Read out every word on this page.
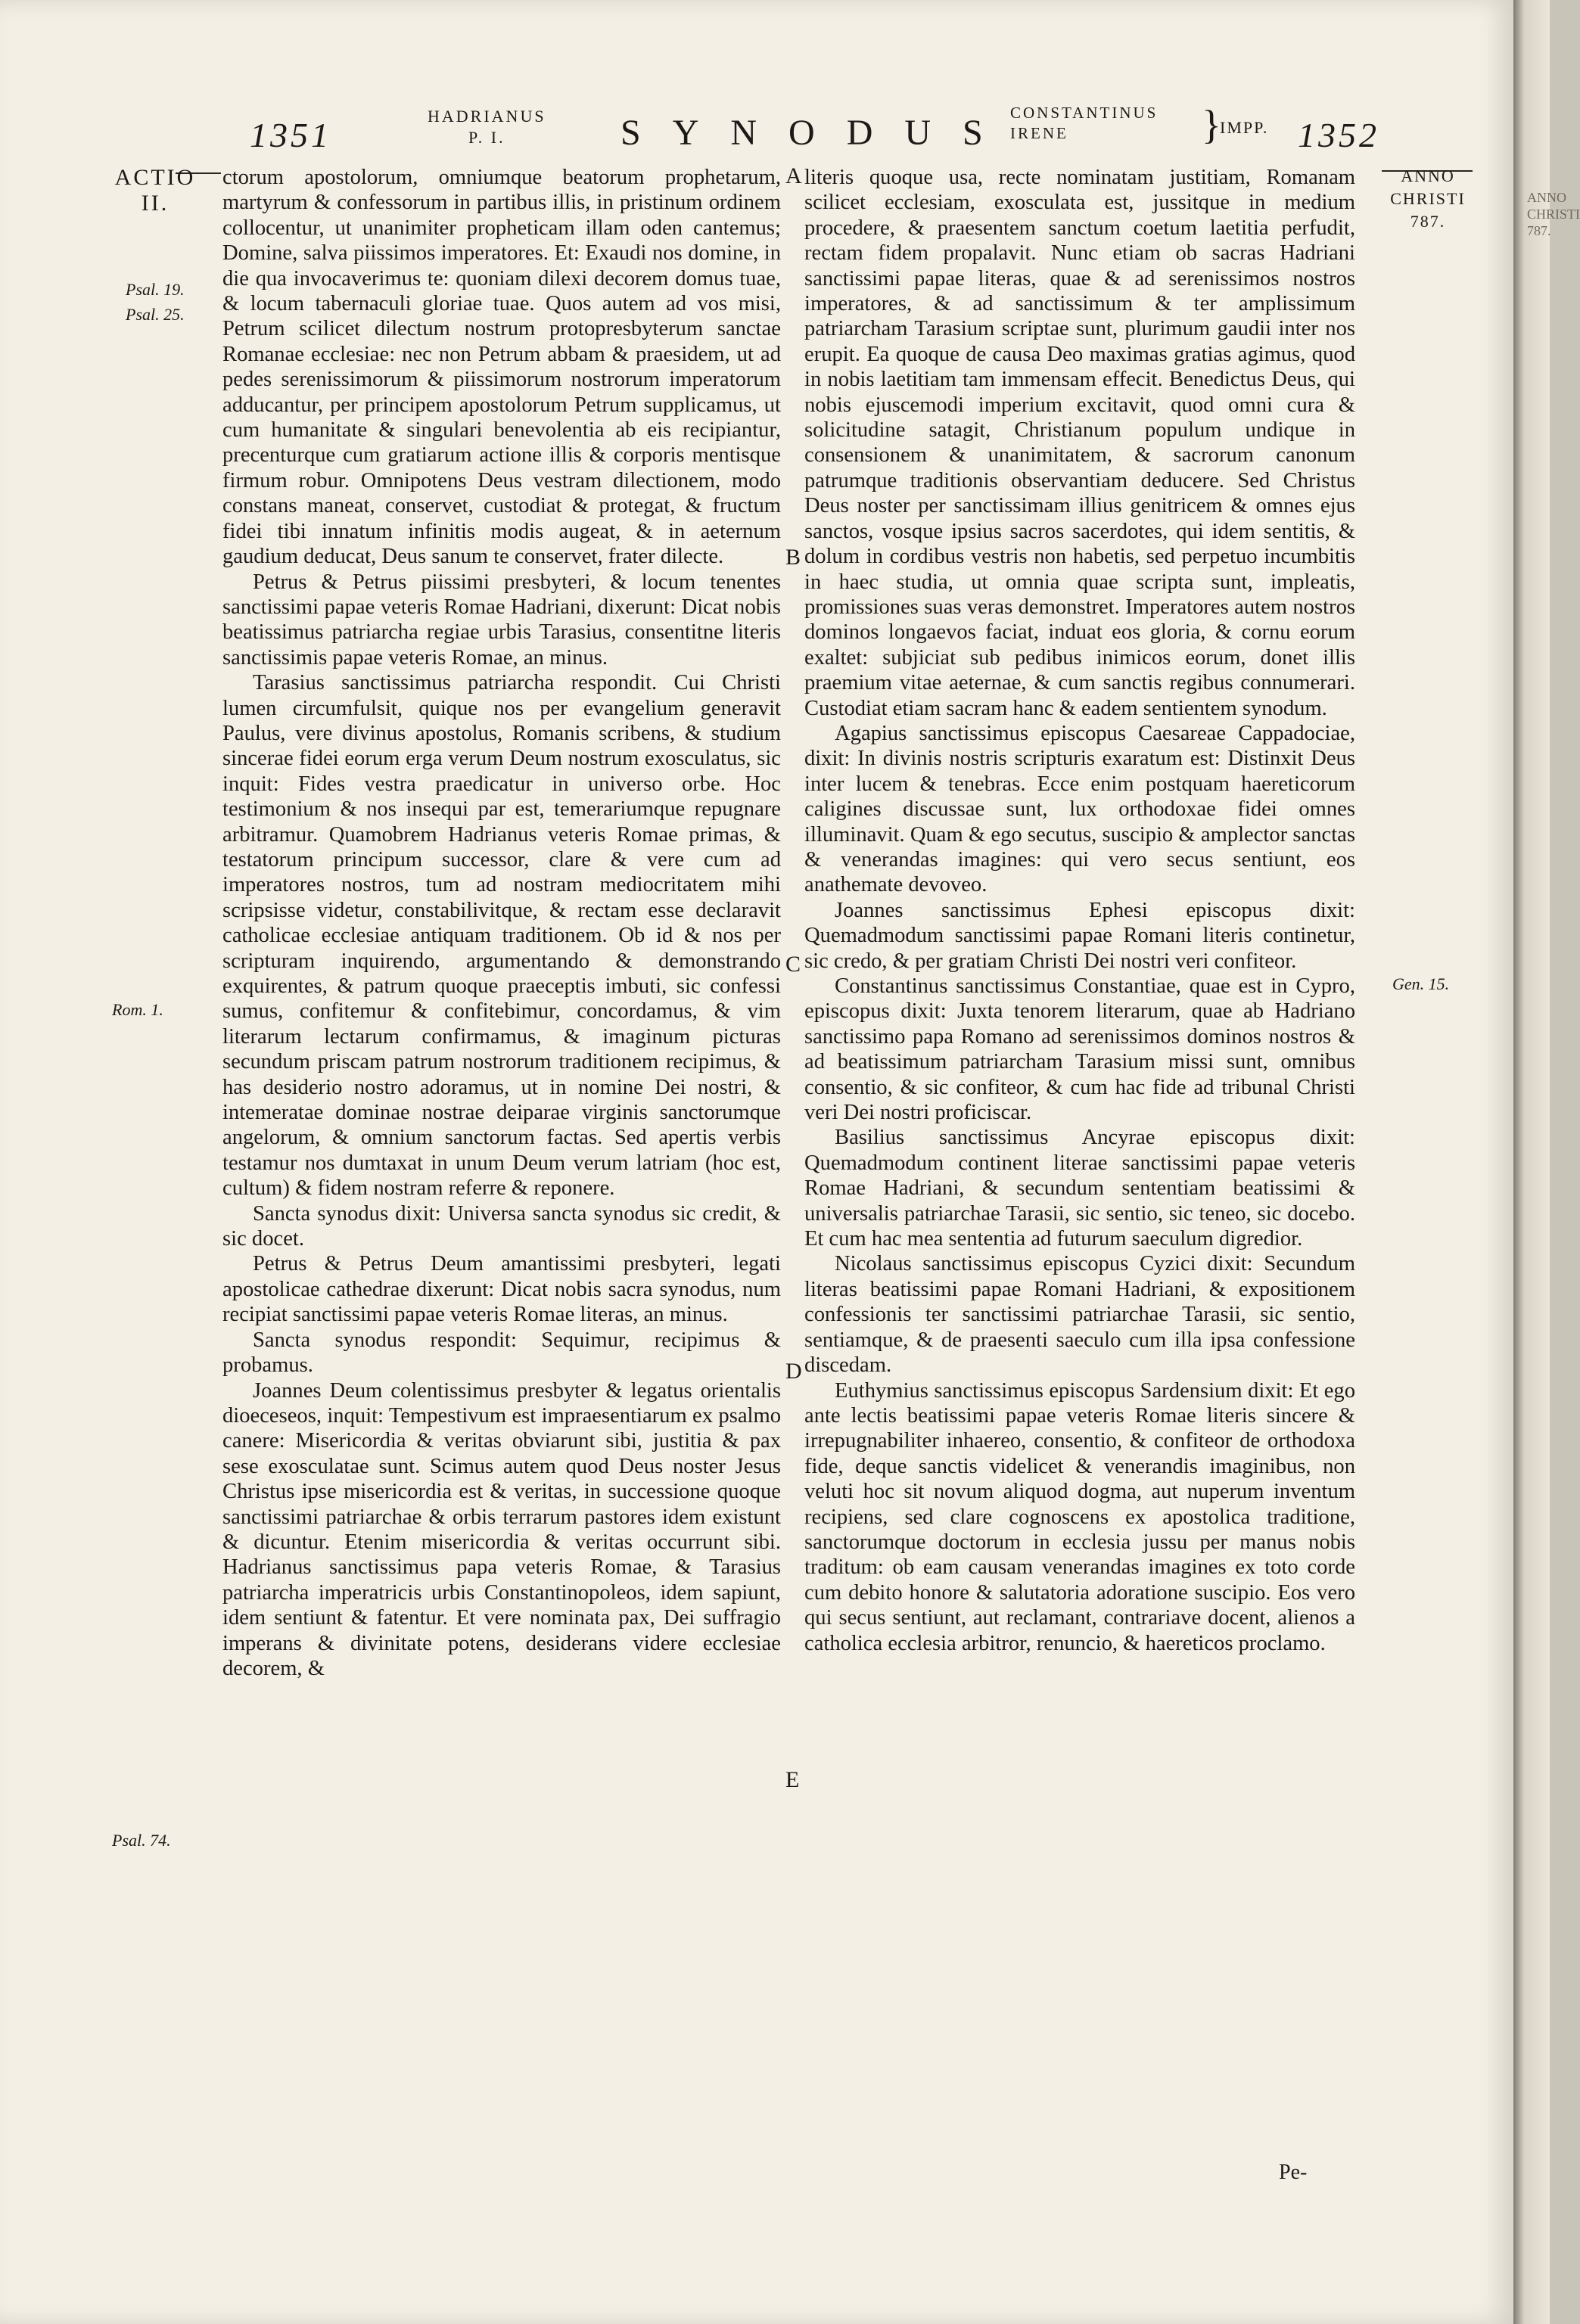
1351	HADRIANUS
P. I.	SYNODUS
CONSTANTINUS
IRENE	}
IMPP. 1352
ACTIO
II.
Psal. 19.
Psal. 25.
Rom. 1.
Psal. 74.
ANNO
CHRISTI
787.
Gen. 15.
A
B
C
D
E

ctorum apostolorum, omniumque beatorum prophetarum, martyrum & confessorum in partibus illis, in pristinum ordinem collocentur, ut unanimiter propheticam illam oden cantemus; Domine, salva piissimos imperatores. Et: Exaudi nos domine, in die qua invocaverimus te: quoniam dilexi decorem domus tuae, & locum tabernaculi gloriae tuae. Quos autem ad vos misi, Petrum scilicet dilectum nostrum protopresbyterum sanctae Romanae ecclesiae: nec non Petrum abbam & praesidem, ut ad pedes serenissimorum & piissimorum nostrorum imperatorum adducantur, per principem apostolorum Petrum supplicamus, ut cum humanitate & singulari benevolentia ab eis recipiantur, precenturque cum gratiarum actione illis & corporis mentisque firmum robur. Omnipotens Deus vestram dilectionem, modo constans maneat, conservet, custodiat & protegat, & fructum fidei tibi innatum infinitis modis augeat, & in aeternum gaudium deducat, Deus sanum te conservet, frater dilecte.

Petrus & Petrus piissimi presbyteri, & locum tenentes sanctissimi papae veteris Romae Hadriani, dixerunt: Dicat nobis beatissimus patriarcha regiae urbis Tarasius, consentitne literis sanctissimis papae veteris Romae, an minus.

Tarasius sanctissimus patriarcha respondit. Cui Christi lumen circumfulsit, quique nos per evangelium generavit Paulus, vere divinus apostolus, Romanis scribens, & studium sincerae fidei eorum erga verum Deum nostrum exosculatus, sic inquit: Fides vestra praedicatur in universo orbe. Hoc testimonium & nos insequi par est, temerariumque repugnare arbitramur. Quamobrem Hadrianus veteris Romae primas, & testatorum principum successor, clare & vere cum ad imperatores nostros, tum ad nostram mediocritatem mihi scripsisse videtur, constabilivitque, & rectam esse declaravit catholicae ecclesiae antiquam traditionem. Ob id & nos per scripturam inquirendo, argumentando & demonstrando exquirentes, & patrum quoque praeceptis imbuti, sic confessi sumus, confitemur & confitebimur, concordamus, & vim literarum lectarum confirmamus, & imaginum picturas secundum priscam patrum nostrorum traditionem recipimus, & has desiderio nostro adoramus, ut in nomine Dei nostri, & intemeratae dominae nostrae deiparae virginis sanctorumque angelorum, & omnium sanctorum factas. Sed apertis verbis testamur nos dumtaxat in unum Deum verum latriam (hoc est, cultum) & fidem nostram referre & reponere.

Sancta synodus dixit: Universa sancta synodus sic credit, & sic docet.

Petrus & Petrus Deum amantissimi presbyteri, legati apostolicae cathedrae dixerunt: Dicat nobis sacra synodus, num recipiat sanctissimi papae veteris Romae literas, an minus.

Sancta synodus respondit: Sequimur, recipimus & probamus.

Joannes Deum colentissimus presbyter & legatus orientalis dioeceseos, inquit: Tempestivum est impraesentiarum ex psalmo canere: Misericordia & veritas obviarunt sibi, justitia & pax sese exosculatae sunt. Scimus autem quod Deus noster Jesus Christus ipse misericordia est & veritas, in successione quoque sanctissimi patriarchae & orbis terrarum pastores idem existunt & dicuntur. Etenim misericordia & veritas occurrunt sibi. Hadrianus sanctissimus papa veteris Romae, & Tarasius patriarcha imperatricis urbis Constantinopoleos, idem sapiunt, idem sentiunt & fatentur. Et vere nominata pax, Dei suffragio imperans & divinitate potens, desiderans videre ecclesiae decorem, &

literis quoque usa, recte nominatam justitiam, Romanam scilicet ecclesiam, exosculata est, jussitque in medium procedere, & praesentem sanctum coetum laetitia perfudit, rectam fidem propalavit. Nunc etiam ob sacras Hadriani sanctissimi papae literas, quae & ad serenissimos nostros imperatores, & ad sanctissimum & ter amplissimum patriarcham Tarasium scriptae sunt, plurimum gaudii inter nos erupit. Ea quoque de causa Deo maximas gratias agimus, quod in nobis laetitiam tam immensam effecit. Benedictus Deus, qui nobis ejuscemodi imperium excitavit, quod omni cura & solicitudine satagit, Christianum populum undique in consensionem & unanimitatem, & sacrorum canonum patrumque traditionis observantiam deducere. Sed Christus Deus noster per sanctissimam illius genitricem & omnes ejus sanctos, vosque ipsius sacros sacerdotes, qui idem sentitis, & dolum in cordibus vestris non habetis, sed perpetuo incumbitis in haec studia, ut omnia quae scripta sunt, impleatis, promissiones suas veras demonstret. Imperatores autem nostros dominos longaevos faciat, induat eos gloria, & cornu eorum exaltet: subjiciat sub pedibus inimicos eorum, donet illis praemium vitae aeternae, & cum sanctis regibus connumerari. Custodiat etiam sacram hanc & eadem sentientem synodum.

Agapius sanctissimus episcopus Caesareae Cappadociae, dixit: In divinis nostris scripturis exaratum est: Distinxit Deus inter lucem & tenebras. Ecce enim postquam haereticorum caligines discussae sunt, lux orthodoxae fidei omnes illuminavit. Quam & ego secutus, suscipio & amplector sanctas & venerandas imagines: qui vero secus sentiunt, eos anathemate devoveo.

Joannes sanctissimus Ephesi episcopus dixit: Quemadmodum sanctissimi papae Romani literis continetur, sic credo, & per gratiam Christi Dei nostri veri confiteor.

Constantinus sanctissimus Constantiae, quae est in Cypro, episcopus dixit: Juxta tenorem literarum, quae ab Hadriano sanctissimo papa Romano ad serenissimos dominos nostros & ad beatissimum patriarcham Tarasium missi sunt, omnibus consentio, & sic confiteor, & cum hac fide ad tribunal Christi veri Dei nostri proficiscar.

Basilius sanctissimus Ancyrae episcopus dixit: Quemadmodum continent literae sanctissimi papae veteris Romae Hadriani, & secundum sententiam beatissimi & universalis patriarchae Tarasii, sic sentio, sic teneo, sic docebo. Et cum hac mea sententia ad futurum saeculum digredior.

Nicolaus sanctissimus episcopus Cyzici dixit: Secundum literas beatissimi papae Romani Hadriani, & expositionem confessionis ter sanctissimi patriarchae Tarasii, sic sentio, sentiamque, & de praesenti saeculo cum illa ipsa confessione discedam.

Euthymius sanctissimus episcopus Sardensium dixit: Et ego ante lectis beatissimi papae veteris Romae literis sincere & irrepugnabiliter inhaereo, consentio, & confiteor de orthodoxa fide, deque sanctis videlicet & venerandis imaginibus, non veluti hoc sit novum aliquod dogma, aut nuperum inventum recipiens, sed clare cognoscens ex apostolica traditione, sanctorumque doctorum in ecclesia jussu per manus nobis traditum: ob eam causam venerandas imagines ex toto corde cum debito honore & salutatoria adoratione suscipio. Eos vero qui secus sentiunt, aut reclamant, contrariave docent, alienos a catholica ecclesia arbitror, renuncio, & haereticos proclamo.

Pe-
ANNO CHRISTI 787.
